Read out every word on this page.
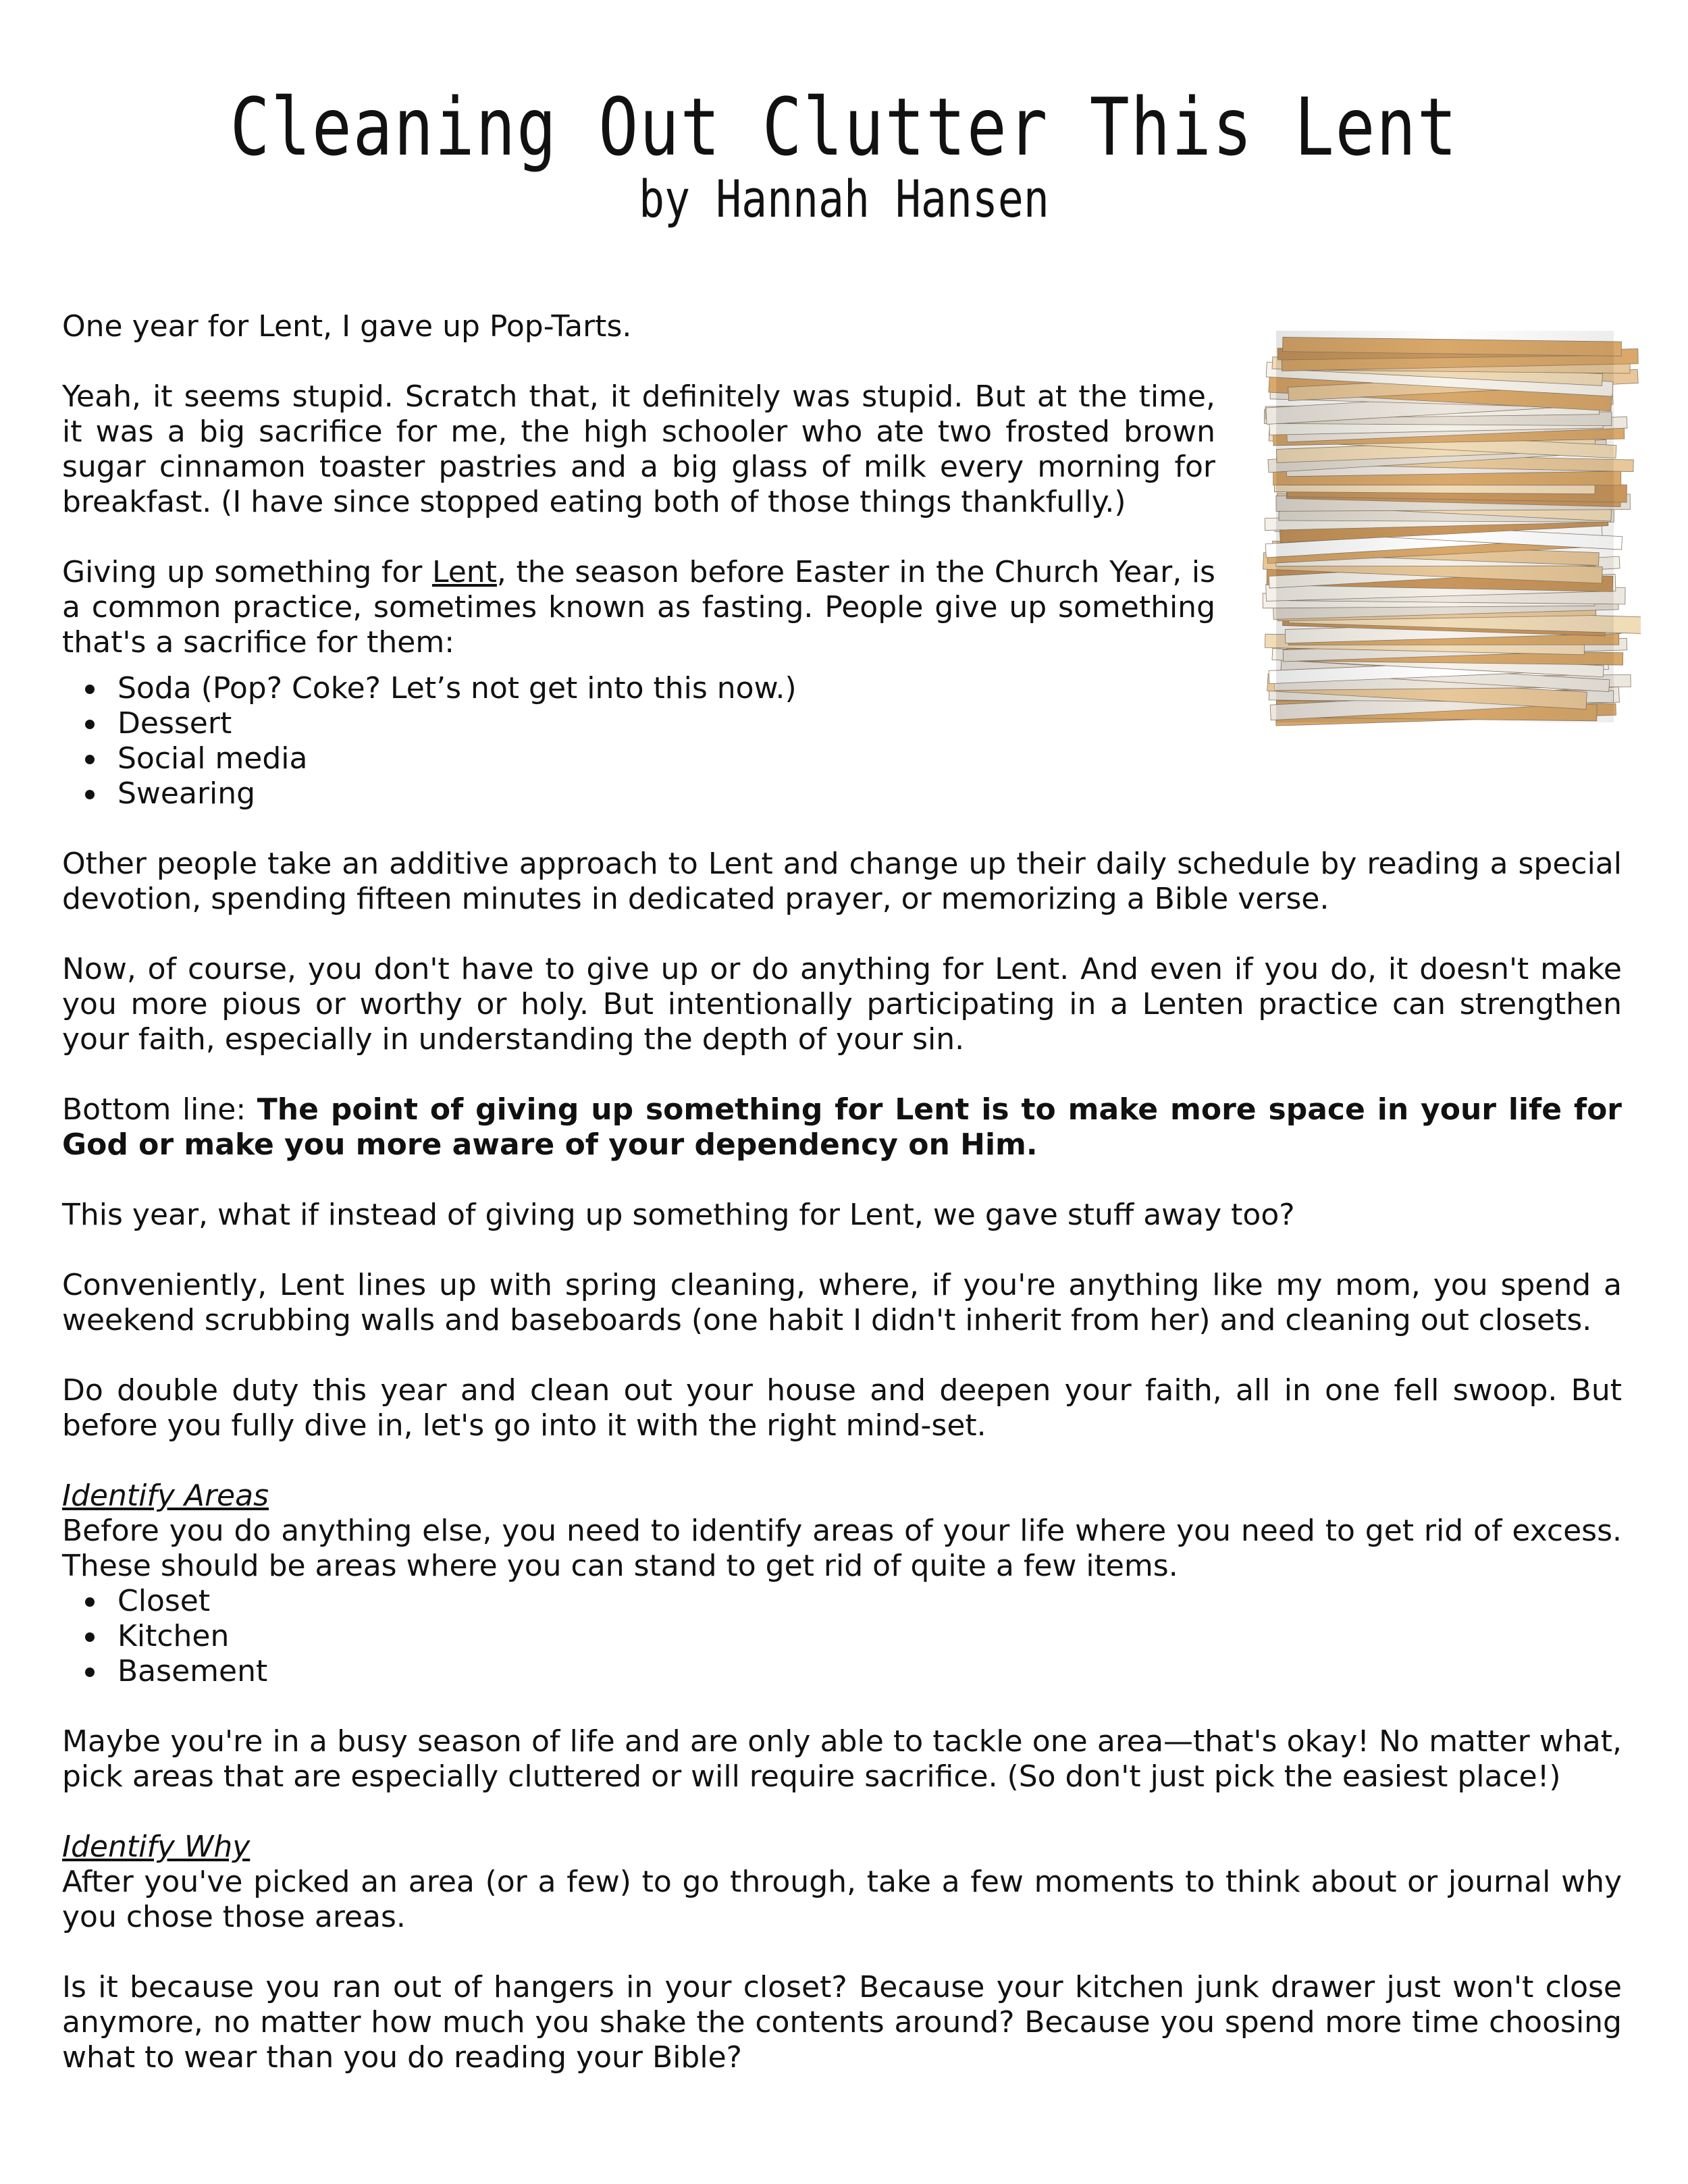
Cleaning Out Clutter This Lent
by Hannah Hansen

One year for Lent, I gave up Pop-Tarts.

Yeah, it seems stupid. Scratch that, it definitely was stupid. But at the time, it was a big sacrifice for me, the high schooler who ate two frosted brown sugar cinnamon toaster pastries and a big glass of milk every morning for breakfast. (I have since stopped eating both of those things thankfully.)

Giving up something for Lent, the season before Easter in the Church Year, is a common practice, sometimes known as fasting. People give up something that's a sacrifice for them:

Soda (Pop? Coke? Let’s not get into this now.)
Dessert
Social media
Swearing

Other people take an additive approach to Lent and change up their daily schedule by reading a special devotion, spending fifteen minutes in dedicated prayer, or memorizing a Bible verse.

Now, of course, you don't have to give up or do anything for Lent. And even if you do, it doesn't make you more pious or worthy or holy. But intentionally participating in a Lenten practice can strengthen your faith, especially in understanding the depth of your sin.

Bottom line: The point of giving up something for Lent is to make more space in your life for God or make you more aware of your dependency on Him.

This year, what if instead of giving up something for Lent, we gave stuff away too?

Conveniently, Lent lines up with spring cleaning, where, if you're anything like my mom, you spend a weekend scrubbing walls and baseboards (one habit I didn't inherit from her) and cleaning out closets.

Do double duty this year and clean out your house and deepen your faith, all in one fell swoop. But before you fully dive in, let's go into it with the right mind-set.

Identify Areas
Before you do anything else, you need to identify areas of your life where you need to get rid of excess. These should be areas where you can stand to get rid of quite a few items.

Closet
Kitchen
Basement

Maybe you're in a busy season of life and are only able to tackle one area—that's okay! No matter what, pick areas that are especially cluttered or will require sacrifice. (So don't just pick the easiest place!)

Identify Why
After you've picked an area (or a few) to go through, take a few moments to think about or journal why you chose those areas.

Is it because you ran out of hangers in your closet? Because your kitchen junk drawer just won't close anymore, no matter how much you shake the contents around? Because you spend more time choosing what to wear than you do reading your Bible?
